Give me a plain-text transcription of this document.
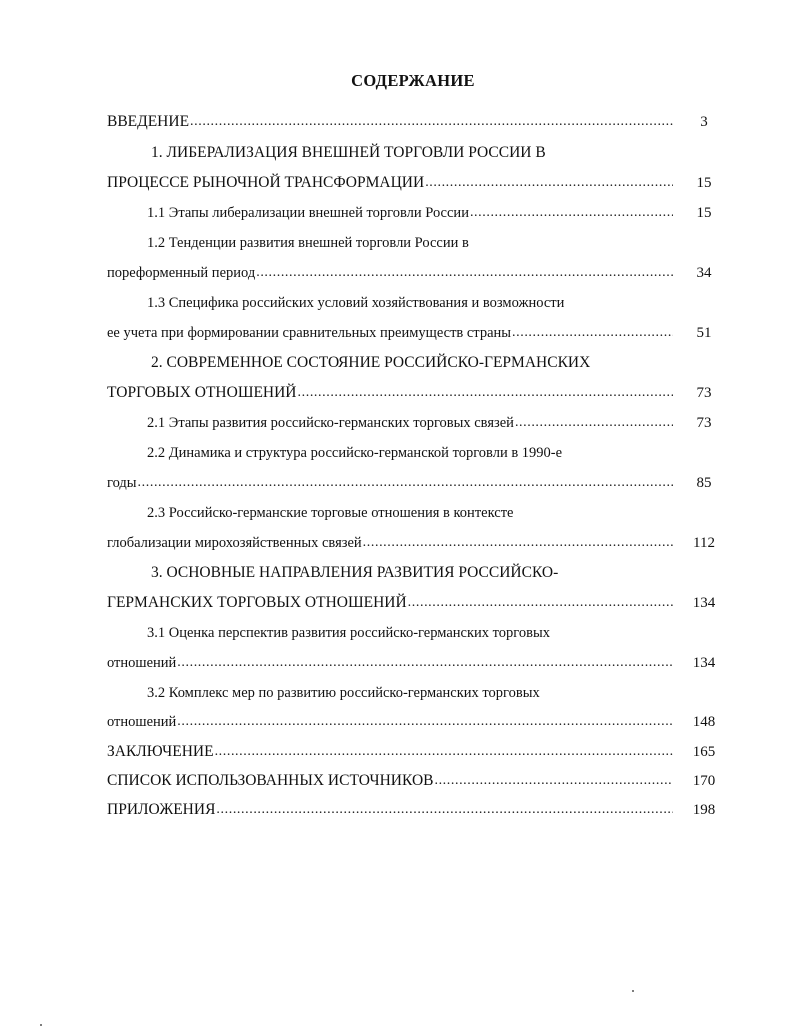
СОДЕРЖАНИЕ
ВВЕДЕНИЕ .....	3
1. ЛИБЕРАЛИЗАЦИЯ ВНЕШНЕЙ ТОРГОВЛИ РОССИИ В
ПРОЦЕССЕ РЫНОЧНОЙ ТРАНСФОРМАЦИИ .....	15
1.1 Этапы либерализации внешней торговли России .....	15
1.2 Тенденции развития внешней торговли России в
пореформенный период .....	34
1.3 Специфика российских условий хозяйствования и возможности
ее учета при формировании сравнительных преимуществ страны .....	51
2. СОВРЕМЕННОЕ СОСТОЯНИЕ РОССИЙСКО-ГЕРМАНСКИХ
ТОРГОВЫХ ОТНОШЕНИЙ .....	73
2.1 Этапы развития российско-германских торговых связей .....	73
2.2 Динамика и структура российско-германской торговли в 1990-е
годы .....	85
2.3 Российско-германские торговые отношения в контексте
глобализации мирохозяйственных связей .....	112
3. ОСНОВНЫЕ НАПРАВЛЕНИЯ РАЗВИТИЯ РОССИЙСКО-
ГЕРМАНСКИХ ТОРГОВЫХ ОТНОШЕНИЙ .....	134
3.1 Оценка перспектив развития российско-германских торговых
отношений .....	134
3.2 Комплекс мер по развитию российско-германских торговых
отношений .....	148
ЗАКЛЮЧЕНИЕ .....	165
СПИСОК ИСПОЛЬЗОВАННЫХ ИСТОЧНИКОВ .....	170
ПРИЛОЖЕНИЯ .....	198
